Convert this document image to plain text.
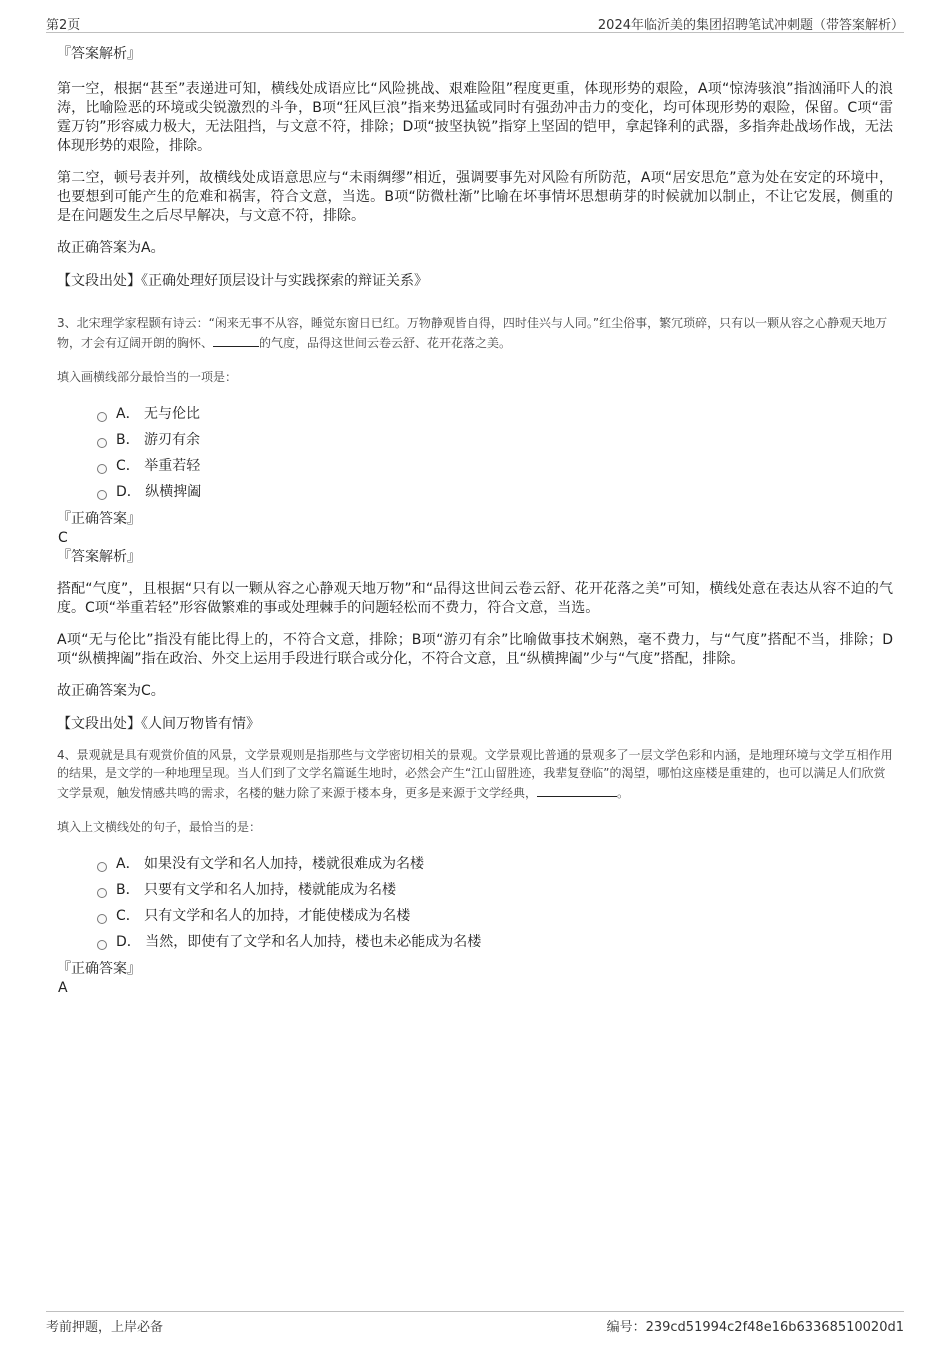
第2页	2024年临沂美的集团招聘笔试冲刺题（带答案解析）

『答案解析』

第一空，根据“甚至”表递进可知，横线处成语应比“风险挑战、艰难险阻”程度更重，体现形势的艰险，A项“惊涛骇浪”指汹涌吓人的浪涛，比喻险恶的环境或尖锐激烈的斗争，B项“狂风巨浪”指来势迅猛或同时有强劲冲击力的变化，均可体现形势的艰险，保留。C项“雷霆万钧”形容威力极大，无法阻挡，与文意不符，排除；D项“披坚执锐”指穿上坚固的铠甲，拿起锋利的武器，多指奔赴战场作战，无法体现形势的艰险，排除。

第二空，顿号表并列，故横线处成语意思应与“未雨绸缪”相近，强调要事先对风险有所防范，A项“居安思危”意为处在安定的环境中，也要想到可能产生的危难和祸害，符合文意，当选。B项“防微杜渐”比喻在坏事情坏思想萌芽的时候就加以制止，不让它发展，侧重的是在问题发生之后尽早解决，与文意不符，排除。

故正确答案为A。

【文段出处】《正确处理好顶层设计与实践探索的辩证关系》

3、北宋理学家程颢有诗云：“闲来无事不从容，睡觉东窗日已红。万物静观皆自得，四时佳兴与人同。”红尘俗事，繁冗琐碎，只有以一颗从容之心静观天地万物，才会有辽阔开朗的胸怀、	的气度，品得这世间云卷云舒、花开花落之美。

填入画横线部分最恰当的一项是：

A． 无与伦比
B． 游刃有余
C． 举重若轻
D． 纵横捭阖

『正确答案』

C

『答案解析』

搭配“气度”，且根据“只有以一颗从容之心静观天地万物”和“品得这世间云卷云舒、花开花落之美”可知，横线处意在表达从容不迫的气度。C项“举重若轻”形容做繁难的事或处理棘手的问题轻松而不费力，符合文意，当选。

A项“无与伦比”指没有能比得上的，不符合文意，排除；B项“游刃有余”比喻做事技术娴熟，毫不费力，与“气度”搭配不当，排除；D项“纵横捭阖”指在政治、外交上运用手段进行联合或分化，不符合文意，且“纵横捭阖”少与“气度”搭配，排除。

故正确答案为C。

【文段出处】《人间万物皆有情》

4、景观就是具有观赏价值的风景，文学景观则是指那些与文学密切相关的景观。文学景观比普通的景观多了一层文学色彩和内涵，是地理环境与文学互相作用的结果，是文学的一种地理呈现。当人们到了文学名篇诞生地时，必然会产生“江山留胜迹，我辈复登临”的渴望，哪怕这座楼是重建的，也可以满足人们欣赏文学景观，触发情感共鸣的需求，名楼的魅力除了来源于楼本身，更多是来源于文学经典，	。

填入上文横线处的句子，最恰当的是：

A． 如果没有文学和名人加持，楼就很难成为名楼
B． 只要有文学和名人加持，楼就能成为名楼
C． 只有文学和名人的加持，才能使楼成为名楼
D． 当然，即使有了文学和名人加持，楼也未必能成为名楼

『正确答案』

A

考前押题，上岸必备	编号：239cd51994c2f48e16b63368510020d1
